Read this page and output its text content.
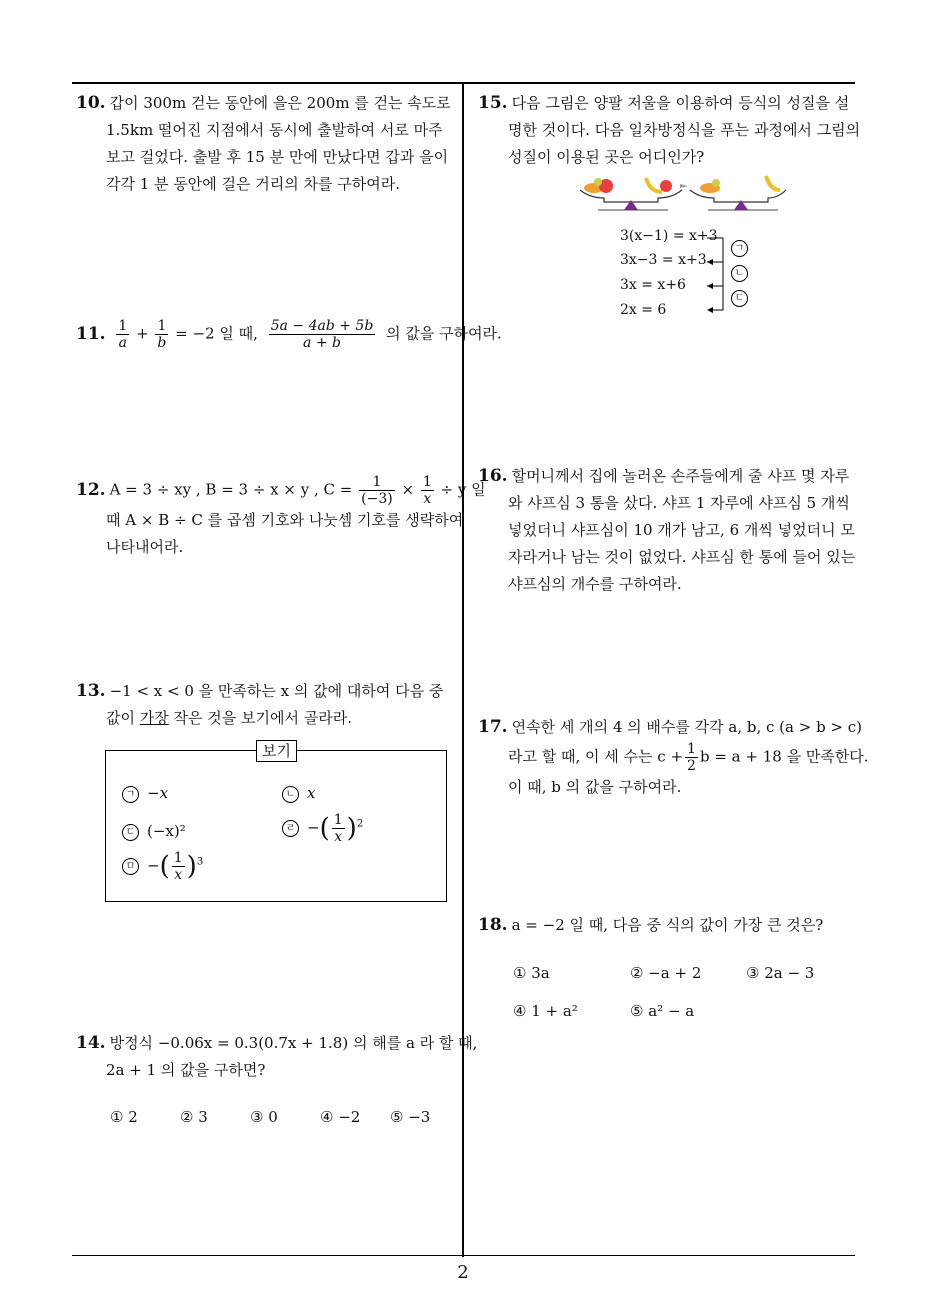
10. 갑이 300m 걷는 동안에 을은 200m 를 걷는 속도로
1.5km 떨어진 지점에서 동시에 출발하여 서로 마주
보고 걸었다. 출발 후 15 분 만에 만났다면 갑과 을이
각각 1 분 동안에 걸은 거리의 차를 구하여라.
11. $\frac{1}{a} + \frac{1}{b} = -2$ 일 때, $\frac{5a - 4ab + 5b}{a + b}$ 의 값을 구하여라.
12. A = 3 ÷ xy , B = 3 ÷ x × y , $C = \frac{1}{(-3)} \times \frac{1}{x} \div y$ 일
때 A × B ÷ C 를 곱셈 기호와 나눗셈 기호를 생략하여
나타내어라.
13. −1 < x < 0 을 만족하는 x 의 값에 대하여 다음 중
값이 가장 작은 것을 보기에서 골라라.
보기
ㄱ −x	ㄴ x
ㄷ (−x)²	ㄹ −( $\frac{1}{x} )^2$
ㅁ −( $\frac{1}{x} )^3$
14. 방정식 −0.06x = 0.3(0.7x + 1.8) 의 해를 a 라 할 때,
2a + 1 의 값을 구하면?
① 2	② 3	③ 0	④ −2 ⑤ −3
15. 다음 그림은 양팔 저울을 이용하여 등식의 성질을 설
명한 것이다. 다음 일차방정식을 푸는 과정에서 그림의
성질이 이용된 곳은 어디인가?
3(x−1) = x+3
3x−3 = x+3
3x = x+6
2x = 6
ㄱ
ㄴ
ㄷ
16. 할머니께서 집에 놀러온 손주들에게 줄 샤프 몇 자루
와 샤프심 3 통을 샀다. 샤프 1 자루에 샤프심 5 개씩
넣었더니 샤프심이 10 개가 남고, 6 개씩 넣었더니 모
자라거나 남는 것이 없었다. 샤프심 한 통에 들어 있는
샤프심의 개수를 구하여라.
17. 연속한 세 개의 4 의 배수를 각각 a, b, c (a > b > c)
라고 할 때, 이 세 수는 $c + \frac{1}{2}$ b = a + 18 을 만족한다.
이 때, b 의 값을 구하여라.
18. a = −2 일 때, 다음 중 식의 값이 가장 큰 것은?
① 3a	② −a + 2	③ 2a − 3
④ 1 + a²	⑤ a² − a
2
